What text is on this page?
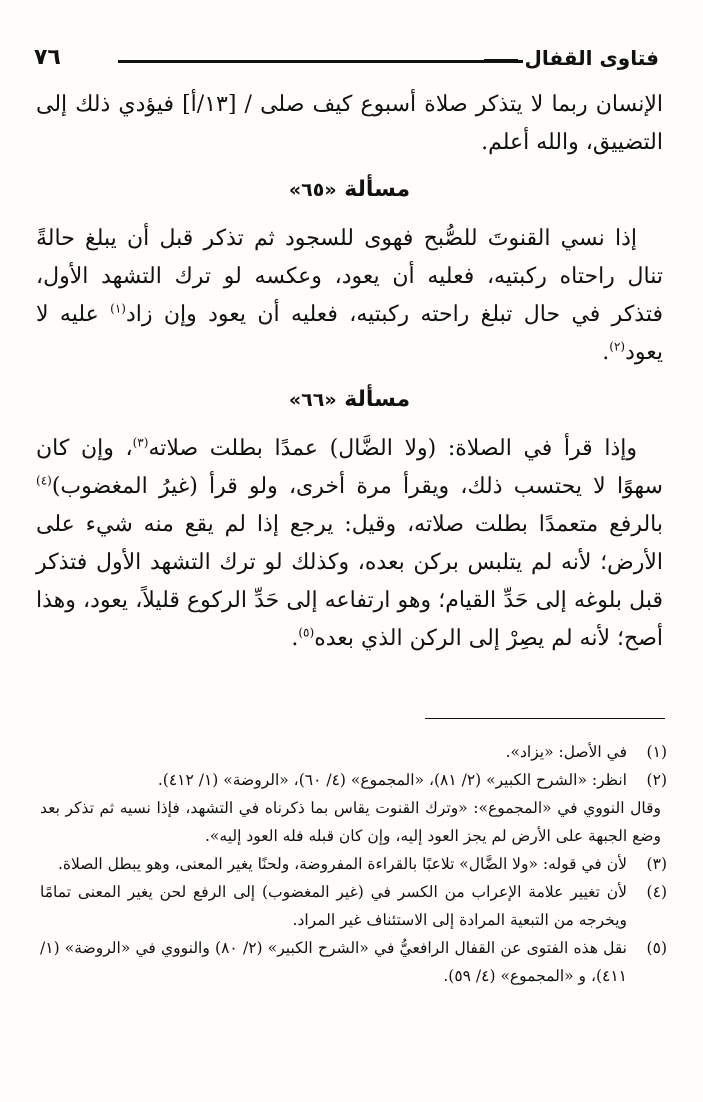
فتاوى القفال
٧٦

الإنسان ربما لا يتذكر صلاة أسبوع كيف صلى / [١٣/أ] فيؤدي ذلك إلى التضييق، والله أعلم.

مسألة «٦٥»

إذا نسي القنوتَ للصُّبح فهوى للسجود ثم تذكر قبل أن يبلغ حالةً تنال راحتاه ركبتيه، فعليه أن يعود، وعكسه لو ترك التشهد الأول، فتذكر في حال تبلغ راحته ركبتيه، فعليه أن يعود وإن زاد$^{(١)}$ عليه لا يعود$^{(٢)}$.

مسألة «٦٦»

وإذا قرأ في الصلاة: (ولا الضَّال) عمدًا بطلت صلاته$^{(٣)}$، وإن كان سهوًا لا يحتسب ذلك، ويقرأ مرة أخرى، ولو قرأ (غيرُ المغضوب)$^{(٤)}$ بالرفع متعمدًا بطلت صلاته، وقيل: يرجع إذا لم يقع منه شيء على الأرض؛ لأنه لم يتلبس بركن بعده، وكذلك لو ترك التشهد الأول فتذكر قبل بلوغه إلى حَدِّ القيام؛ وهو ارتفاعه إلى حَدِّ الركوع قليلاً، يعود، وهذا أصح؛ لأنه لم يصِرْ إلى الركن الذي بعده$^{(٥)}$.

(١)
في الأصل: «يزاد».
(٢)
انظر: «الشرح الكبير» (٢/ ٨١)، «المجموع» (٤/ ٦٠)، «الروضة» (١/ ٤١٢).
وقال النووي في «المجموع»: «وترك القنوت يقاس بما ذكرناه في التشهد، فإذا نسيه ثم تذكر بعد وضع الجبهة على الأرض لم يجز العود إليه، وإن كان قبله فله العود إليه».
(٣)
لأن في قوله: «ولا الضَّال» تلاعبًا بالقراءة المفروضة، ولحنًا يغير المعنى، وهو يبطل الصلاة.
(٤)
لأن تغيير علامة الإعراب من الكسر في (غير المغضوب) إلى الرفع لحن يغير المعنى تمامًا ويخرجه من التبعية المرادة إلى الاستئناف غير المراد.
(٥)
نقل هذه الفتوى عن القفال الرافعيُّ في «الشرح الكبير» (٢/ ٨٠) والنووي في «الروضة» (١/ ٤١١)، و «المجموع» (٤/ ٥٩).
